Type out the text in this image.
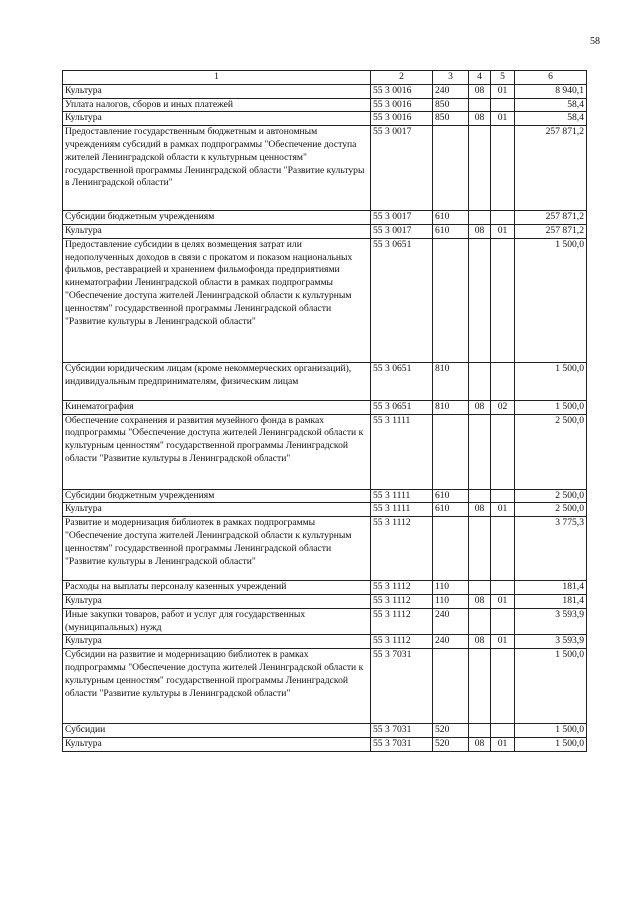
58
1	2	3	4	5	6
Культура	55 3 0016	240	08	01	8 940,1
Уплата налогов, сборов и иных платежей	55 3 0016	850			58,4
Культура	55 3 0016	850	08	01	58,4
Предоставление государственным бюджетным и автономным учреждениям субсидий в рамках подпрограммы "Обеспечение доступа жителей Ленинградской области к культурным ценностям" государственной программы Ленинградской области "Развитие культуры в Ленинградской области"	55 3 0017				257 871,2
Субсидии бюджетным учреждениям	55 3 0017	610			257 871,2
Культура	55 3 0017	610	08	01	257 871,2
Предоставление субсидии в целях возмещения затрат или недополученных доходов в связи с прокатом и показом национальных фильмов, реставрацией и хранением фильмофонда предприятиями кинематографии Ленинградской области в рамках подпрограммы "Обеспечение доступа жителей Ленинградской области к культурным ценностям" государственной программы Ленинградской области "Развитие культуры в Ленинградской области"	55 3 0651				1 500,0
Субсидии юридическим лицам (кроме некоммерческих организаций), индивидуальным предпринимателям, физическим лицам	55 3 0651	810			1 500,0
Кинематография	55 3 0651	810	08	02	1 500,0
Обеспечение сохранения и развития музейного фонда в рамках подпрограммы "Обеспечение доступа жителей Ленинградской области к культурным ценностям" государственной программы Ленинградской области "Развитие культуры в Ленинградской области"	55 3 1111				2 500,0
Субсидии бюджетным учреждениям	55 3 1111	610			2 500,0
Культура	55 3 1111	610	08	01	2 500,0
Развитие и модернизация библиотек в рамках подпрограммы "Обеспечение доступа жителей Ленинградской области к культурным ценностям" государственной программы Ленинградской области "Развитие культуры в Ленинградской области"	55 3 1112				3 775,3
Расходы на выплаты персоналу казенных учреждений	55 3 1112	110			181,4
Культура	55 3 1112	110	08	01	181,4
Иные закупки товаров, работ и услуг для государственных (муниципальных) нужд	55 3 1112	240			3 593,9
Культура	55 3 1112	240	08	01	3 593,9
Субсидии на развитие и модернизацию библиотек в рамках подпрограммы "Обеспечение доступа жителей Ленинградской области к культурным ценностям" государственной программы Ленинградской области "Развитие культуры в Ленинградской области"	55 3 7031				1 500,0
Субсидии	55 3 7031	520			1 500,0
Культура	55 3 7031	520	08	01	1 500,0
